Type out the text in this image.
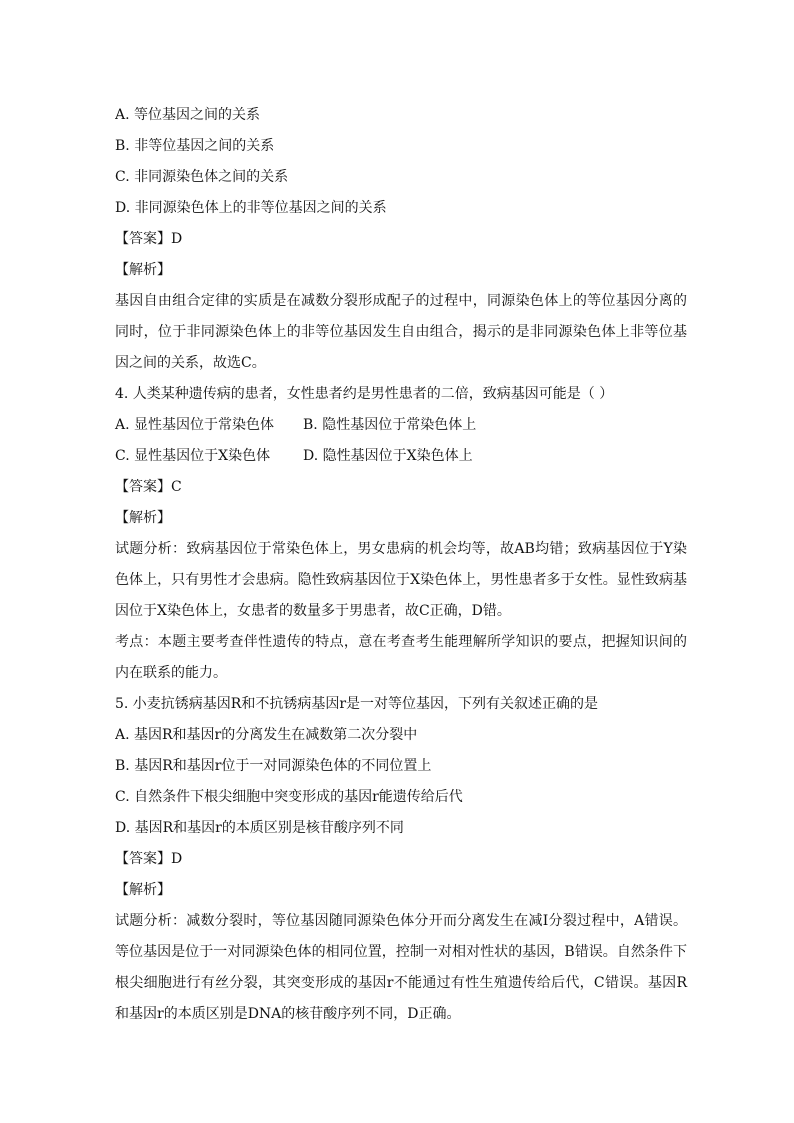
A. 等位基因之间的关系
B. 非等位基因之间的关系
C. 非同源染色体之间的关系
D. 非同源染色体上的非等位基因之间的关系
【答案】D
【解析】

基因自由组合定律的实质是在减数分裂形成配子的过程中，同源染色体上的等位基因分离的同时，位于非同源染色体上的非等位基因发生自由组合，揭示的是非同源染色体上非等位基因之间的关系，故选C。

4. 人类某种遗传病的患者，女性患者约是男性患者的二倍，致病基因可能是（ ）
A. 显性基因位于常染色体	B. 隐性基因位于常染色体上
C. 显性基因位于X染色体	D. 隐性基因位于X染色体上
【答案】C
【解析】

试题分析：致病基因位于常染色体上，男女患病的机会均等，故AB均错；致病基因位于Y染色体上，只有男性才会患病。隐性致病基因位于X染色体上，男性患者多于女性。显性致病基因位于X染色体上，女患者的数量多于男患者，故C正确，D错。

考点：本题主要考查伴性遗传的特点，意在考查考生能理解所学知识的要点，把握知识间的内在联系的能力。

5. 小麦抗锈病基因R和不抗锈病基因r是一对等位基因，下列有关叙述正确的是
A. 基因R和基因r的分离发生在减数第二次分裂中
B. 基因R和基因r位于一对同源染色体的不同位置上
C. 自然条件下根尖细胞中突变形成的基因r能遗传给后代
D. 基因R和基因r的本质区别是核苷酸序列不同
【答案】D
【解析】

试题分析：减数分裂时，等位基因随同源染色体分开而分离发生在减Ⅰ分裂过程中，A错误。等位基因是位于一对同源染色体的相同位置，控制一对相对性状的基因，B错误。自然条件下根尖细胞进行有丝分裂，其突变形成的基因r不能通过有性生殖遗传给后代，C错误。基因R和基因r的本质区别是DNA的核苷酸序列不同，D正确。
